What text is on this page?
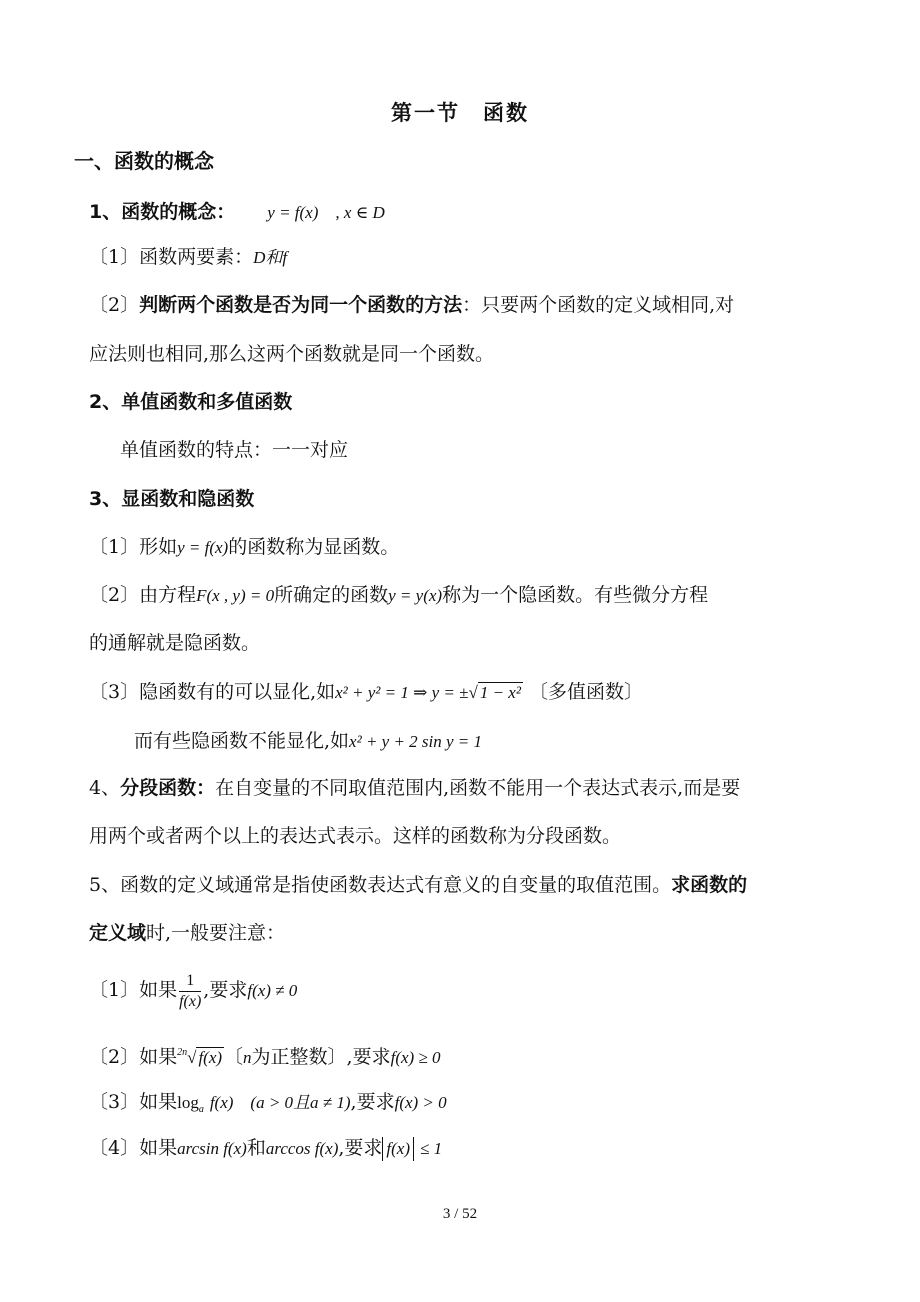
第一节　函数
一、函数的概念
1、函数的概念： y = f(x)　, x ∈ D
〔1〕函数两要素：D和f
〔2〕判断两个函数是否为同一个函数的方法：只要两个函数的定义域相同,对
应法则也相同,那么这两个函数就是同一个函数。
2、单值函数和多值函数
单值函数的特点：一一对应
3、显函数和隐函数
〔1〕形如y = f(x)的函数称为显函数。
〔2〕由方程F(x , y) = 0所确定的函数y = y(x)称为一个隐函数。有些微分方程
的通解就是隐函数。
〔3〕隐函数有的可以显化,如x² + y² = 1 ⇒ y = ±√ 1 − x² 〔多值函数〕
而有些隐函数不能显化,如x² + y + 2 sin y = 1
4、分段函数：在自变量的不同取值范围内,函数不能用一个表达式表示,而是要
用两个或者两个以上的表达式表示。这样的函数称为分段函数。
5、函数的定义域通常是指使函数表达式有意义的自变量的取值范围。求函数的
定义域时,一般要注意：
〔1〕如果 $\frac{1}{f(x)}$ ,要求f(x) ≠ 0
〔2〕如果$^{2n}$√ f(x) 〔n为正整数〕,要求f(x) ≥ 0
〔3〕如果$\log_a f(x)$　(a > 0且a ≠ 1),要求f(x) > 0
〔4〕如果arcsin f(x)和arccos f(x),要求 f(x) ≤ 1
3 / 52
